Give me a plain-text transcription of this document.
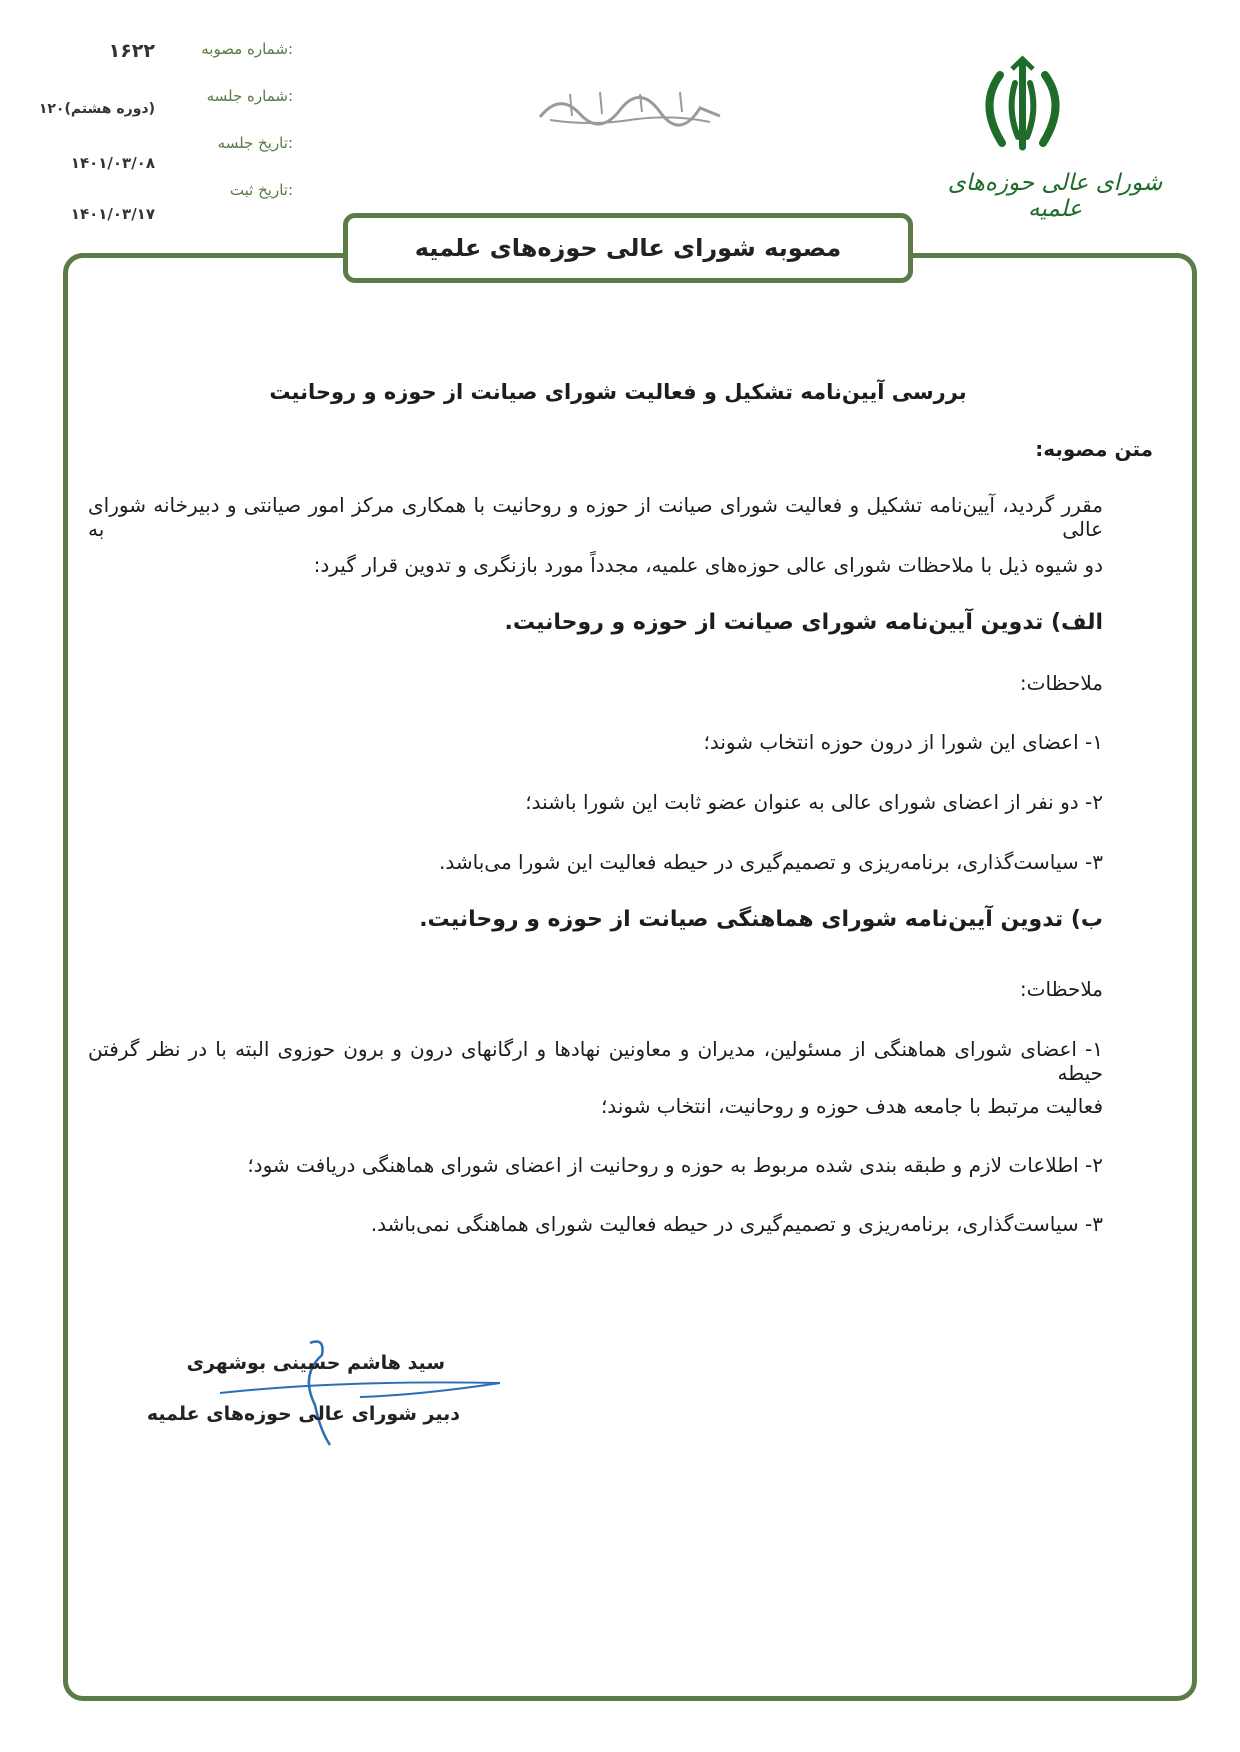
شماره مصوبه:
۱۶۲۲
شماره جلسه:
۱۲۰(دوره هشتم)
تاریخ جلسه:
۱۴۰۱/۰۳/۰۸
تاریخ ثبت:
۱۴۰۱/۰۳/۱۷
شورای عالی حوزه‌های علمیه
مصوبه شورای عالی حوزه‌های علمیه
بررسی آیین‌نامه تشکیل و فعالیت شورای صیانت از حوزه و روحانیت
متن مصوبه:
مقرر گردید، آیین‌نامه تشکیل و فعالیت شورای صیانت از حوزه و روحانیت با همکاری مرکز امور صیانتی و دبیرخانه شورای عالی به
دو شیوه ذیل با ملاحظات شورای عالی حوزه‌های علمیه، مجدداً مورد بازنگری و تدوین قرار گیرد:
الف) تدوین آیین‌نامه شورای صیانت از حوزه و روحانیت.
ملاحظات:
۱- اعضای این شورا از درون حوزه انتخاب شوند؛
۲- دو نفر از اعضای شورای عالی به عنوان عضو ثابت این شورا باشند؛
۳- سیاست‌گذاری، برنامه‌ریزی و تصمیم‌گیری در حیطه فعالیت این شورا می‌باشد.
ب) تدوین آیین‌نامه شورای هماهنگی صیانت از حوزه و روحانیت.
ملاحظات:
۱- اعضای شورای هماهنگی از مسئولین، مدیران و معاونین نهادها و ارگانهای درون و برون حوزوی البته با در نظر گرفتن حیطه
فعالیت مرتبط با جامعه هدف حوزه و روحانیت، انتخاب شوند؛
۲- اطلاعات لازم و طبقه بندی شده مربوط به حوزه و روحانیت از اعضای شورای هماهنگی دریافت شود؛
۳- سیاست‌گذاری، برنامه‌ریزی و تصمیم‌گیری در حیطه فعالیت شورای هماهنگی نمی‌باشد.
سید هاشم حسینی بوشهری
دبیر شورای عالی حوزه‌های علمیه
